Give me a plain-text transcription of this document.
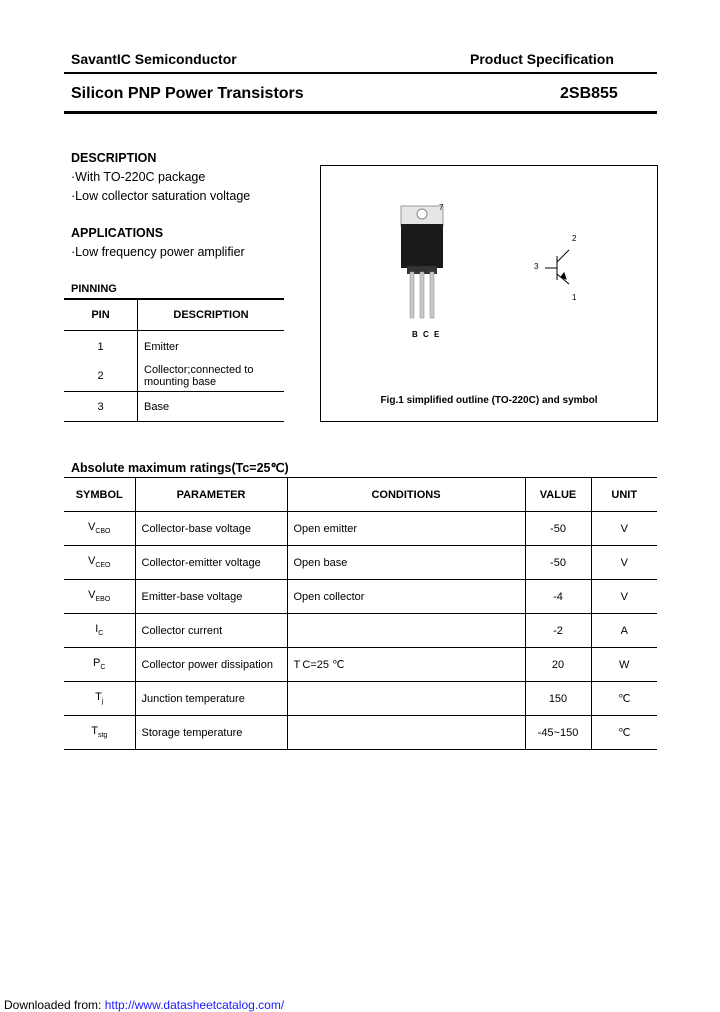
SavantIC Semiconductor	Product Specification
Silicon PNP Power Transistors	2SB855
DESCRIPTION
·With TO-220C package
·Low collector saturation voltage
APPLICATIONS
·Low frequency power amplifier
PINNING
PIN	DESCRIPTION
1	Emitter
2	Collector;connected to mounting base
3	Base
7
2
3
1
B C E
Fig.1 simplified outline (TO-220C) and symbol
Absolute maximum ratings(Tc=25℃)
SYMBOL	PARAMETER	CONDITIONS	VALUE	UNIT
$V_{CBO}$	Collector-base voltage	Open emitter	-50	V
$V_{CEO}$	Collector-emitter voltage	Open base	-50	V
$V_{EBO}$	Emitter-base voltage	Open collector	-4	V
$I_C$	Collector current		-2	A
$P_C$	Collector power dissipation	T C=25 ℃	20	W
$T_j$	Junction temperature		150	℃
$T_{stg}$	Storage temperature		-45~150	℃
Downloaded from: http://www.datasheetcatalog.com/
